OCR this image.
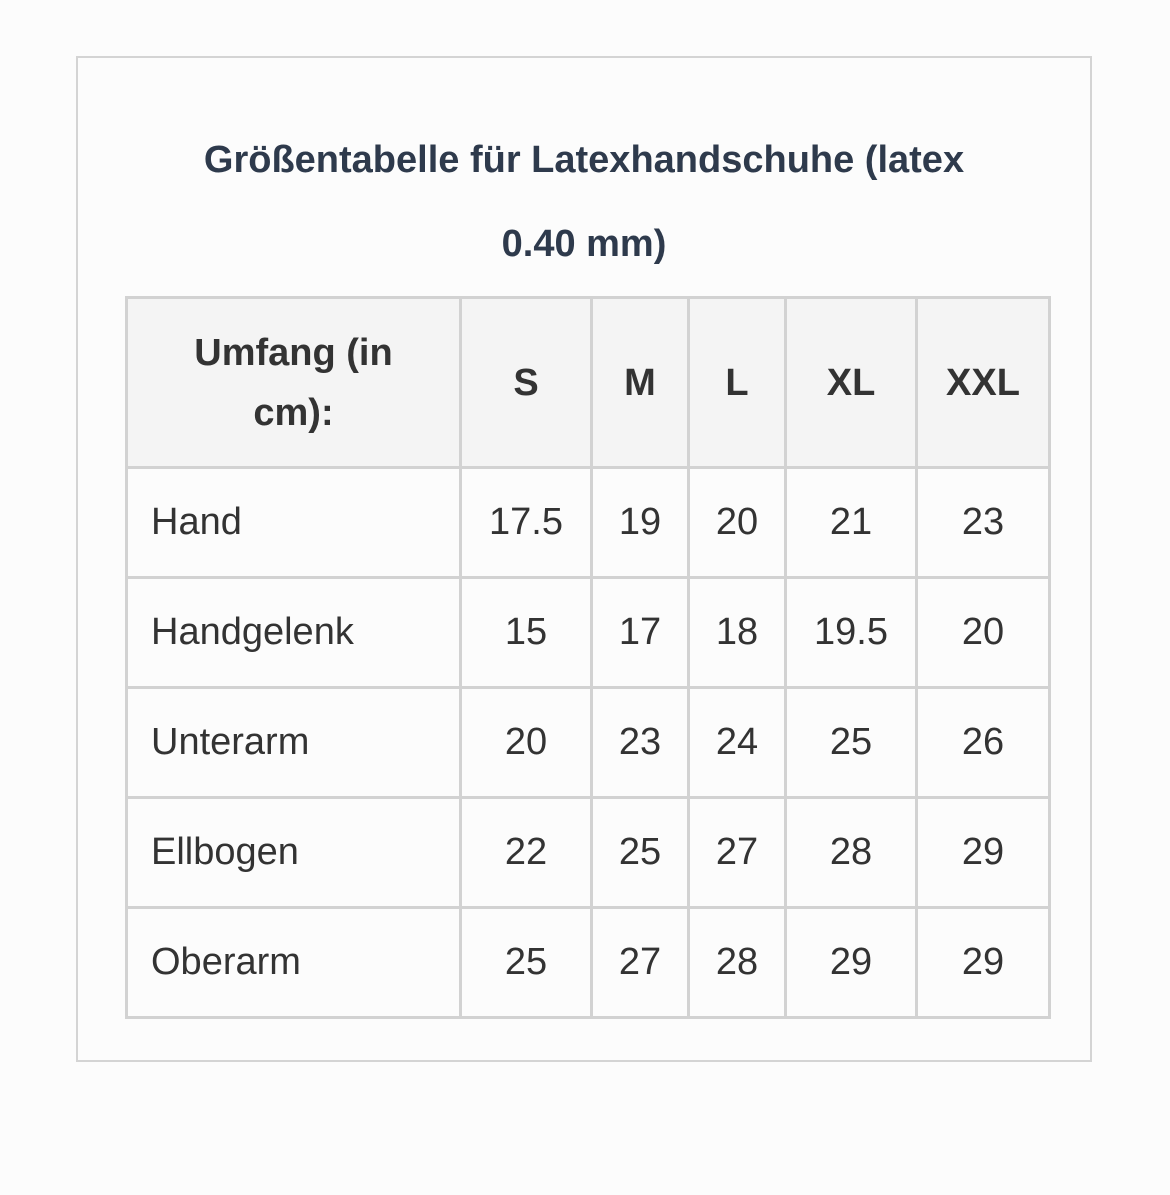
Größentabelle für Latexhandschuhe (latex
0.40 mm)
Umfang (in
cm):	S	M	L	XL	XXL
Hand	17.5	19	20	21	23
Handgelenk	15	17	18	19.5	20
Unterarm	20	23	24	25	26
Ellbogen	22	25	27	28	29
Oberarm	25	27	28	29	29
